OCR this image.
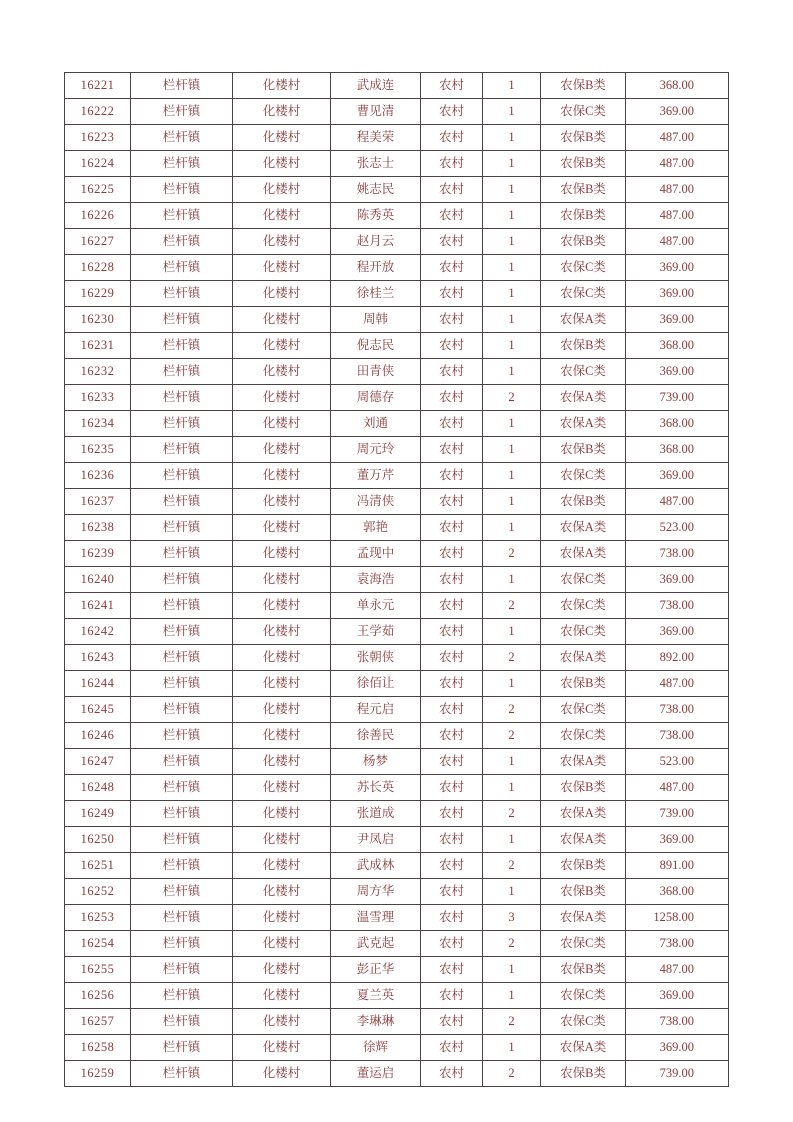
16221	栏杆镇	化楼村	武成连	农村	1	农保B类	368.00
16222	栏杆镇	化楼村	曹见清	农村	1	农保C类	369.00
16223	栏杆镇	化楼村	程美荣	农村	1	农保B类	487.00
16224	栏杆镇	化楼村	张志士	农村	1	农保B类	487.00
16225	栏杆镇	化楼村	姚志民	农村	1	农保B类	487.00
16226	栏杆镇	化楼村	陈秀英	农村	1	农保B类	487.00
16227	栏杆镇	化楼村	赵月云	农村	1	农保B类	487.00
16228	栏杆镇	化楼村	程开放	农村	1	农保C类	369.00
16229	栏杆镇	化楼村	徐桂兰	农村	1	农保C类	369.00
16230	栏杆镇	化楼村	周韩	农村	1	农保A类	369.00
16231	栏杆镇	化楼村	倪志民	农村	1	农保B类	368.00
16232	栏杆镇	化楼村	田青侠	农村	1	农保C类	369.00
16233	栏杆镇	化楼村	周德存	农村	2	农保A类	739.00
16234	栏杆镇	化楼村	刘通	农村	1	农保A类	368.00
16235	栏杆镇	化楼村	周元玲	农村	1	农保B类	368.00
16236	栏杆镇	化楼村	董万芹	农村	1	农保C类	369.00
16237	栏杆镇	化楼村	冯清侠	农村	1	农保B类	487.00
16238	栏杆镇	化楼村	郭艳	农村	1	农保A类	523.00
16239	栏杆镇	化楼村	孟现中	农村	2	农保A类	738.00
16240	栏杆镇	化楼村	袁海浩	农村	1	农保C类	369.00
16241	栏杆镇	化楼村	单永元	农村	2	农保C类	738.00
16242	栏杆镇	化楼村	王学茹	农村	1	农保C类	369.00
16243	栏杆镇	化楼村	张朝侠	农村	2	农保A类	892.00
16244	栏杆镇	化楼村	徐佰让	农村	1	农保B类	487.00
16245	栏杆镇	化楼村	程元启	农村	2	农保C类	738.00
16246	栏杆镇	化楼村	徐善民	农村	2	农保C类	738.00
16247	栏杆镇	化楼村	杨梦	农村	1	农保A类	523.00
16248	栏杆镇	化楼村	苏长英	农村	1	农保B类	487.00
16249	栏杆镇	化楼村	张道成	农村	2	农保A类	739.00
16250	栏杆镇	化楼村	尹凤启	农村	1	农保A类	369.00
16251	栏杆镇	化楼村	武成林	农村	2	农保B类	891.00
16252	栏杆镇	化楼村	周方华	农村	1	农保B类	368.00
16253	栏杆镇	化楼村	温雪理	农村	3	农保A类	1258.00
16254	栏杆镇	化楼村	武克起	农村	2	农保C类	738.00
16255	栏杆镇	化楼村	彭正华	农村	1	农保B类	487.00
16256	栏杆镇	化楼村	夏兰英	农村	1	农保C类	369.00
16257	栏杆镇	化楼村	李琳琳	农村	2	农保C类	738.00
16258	栏杆镇	化楼村	徐辉	农村	1	农保A类	369.00
16259	栏杆镇	化楼村	董运启	农村	2	农保B类	739.00
